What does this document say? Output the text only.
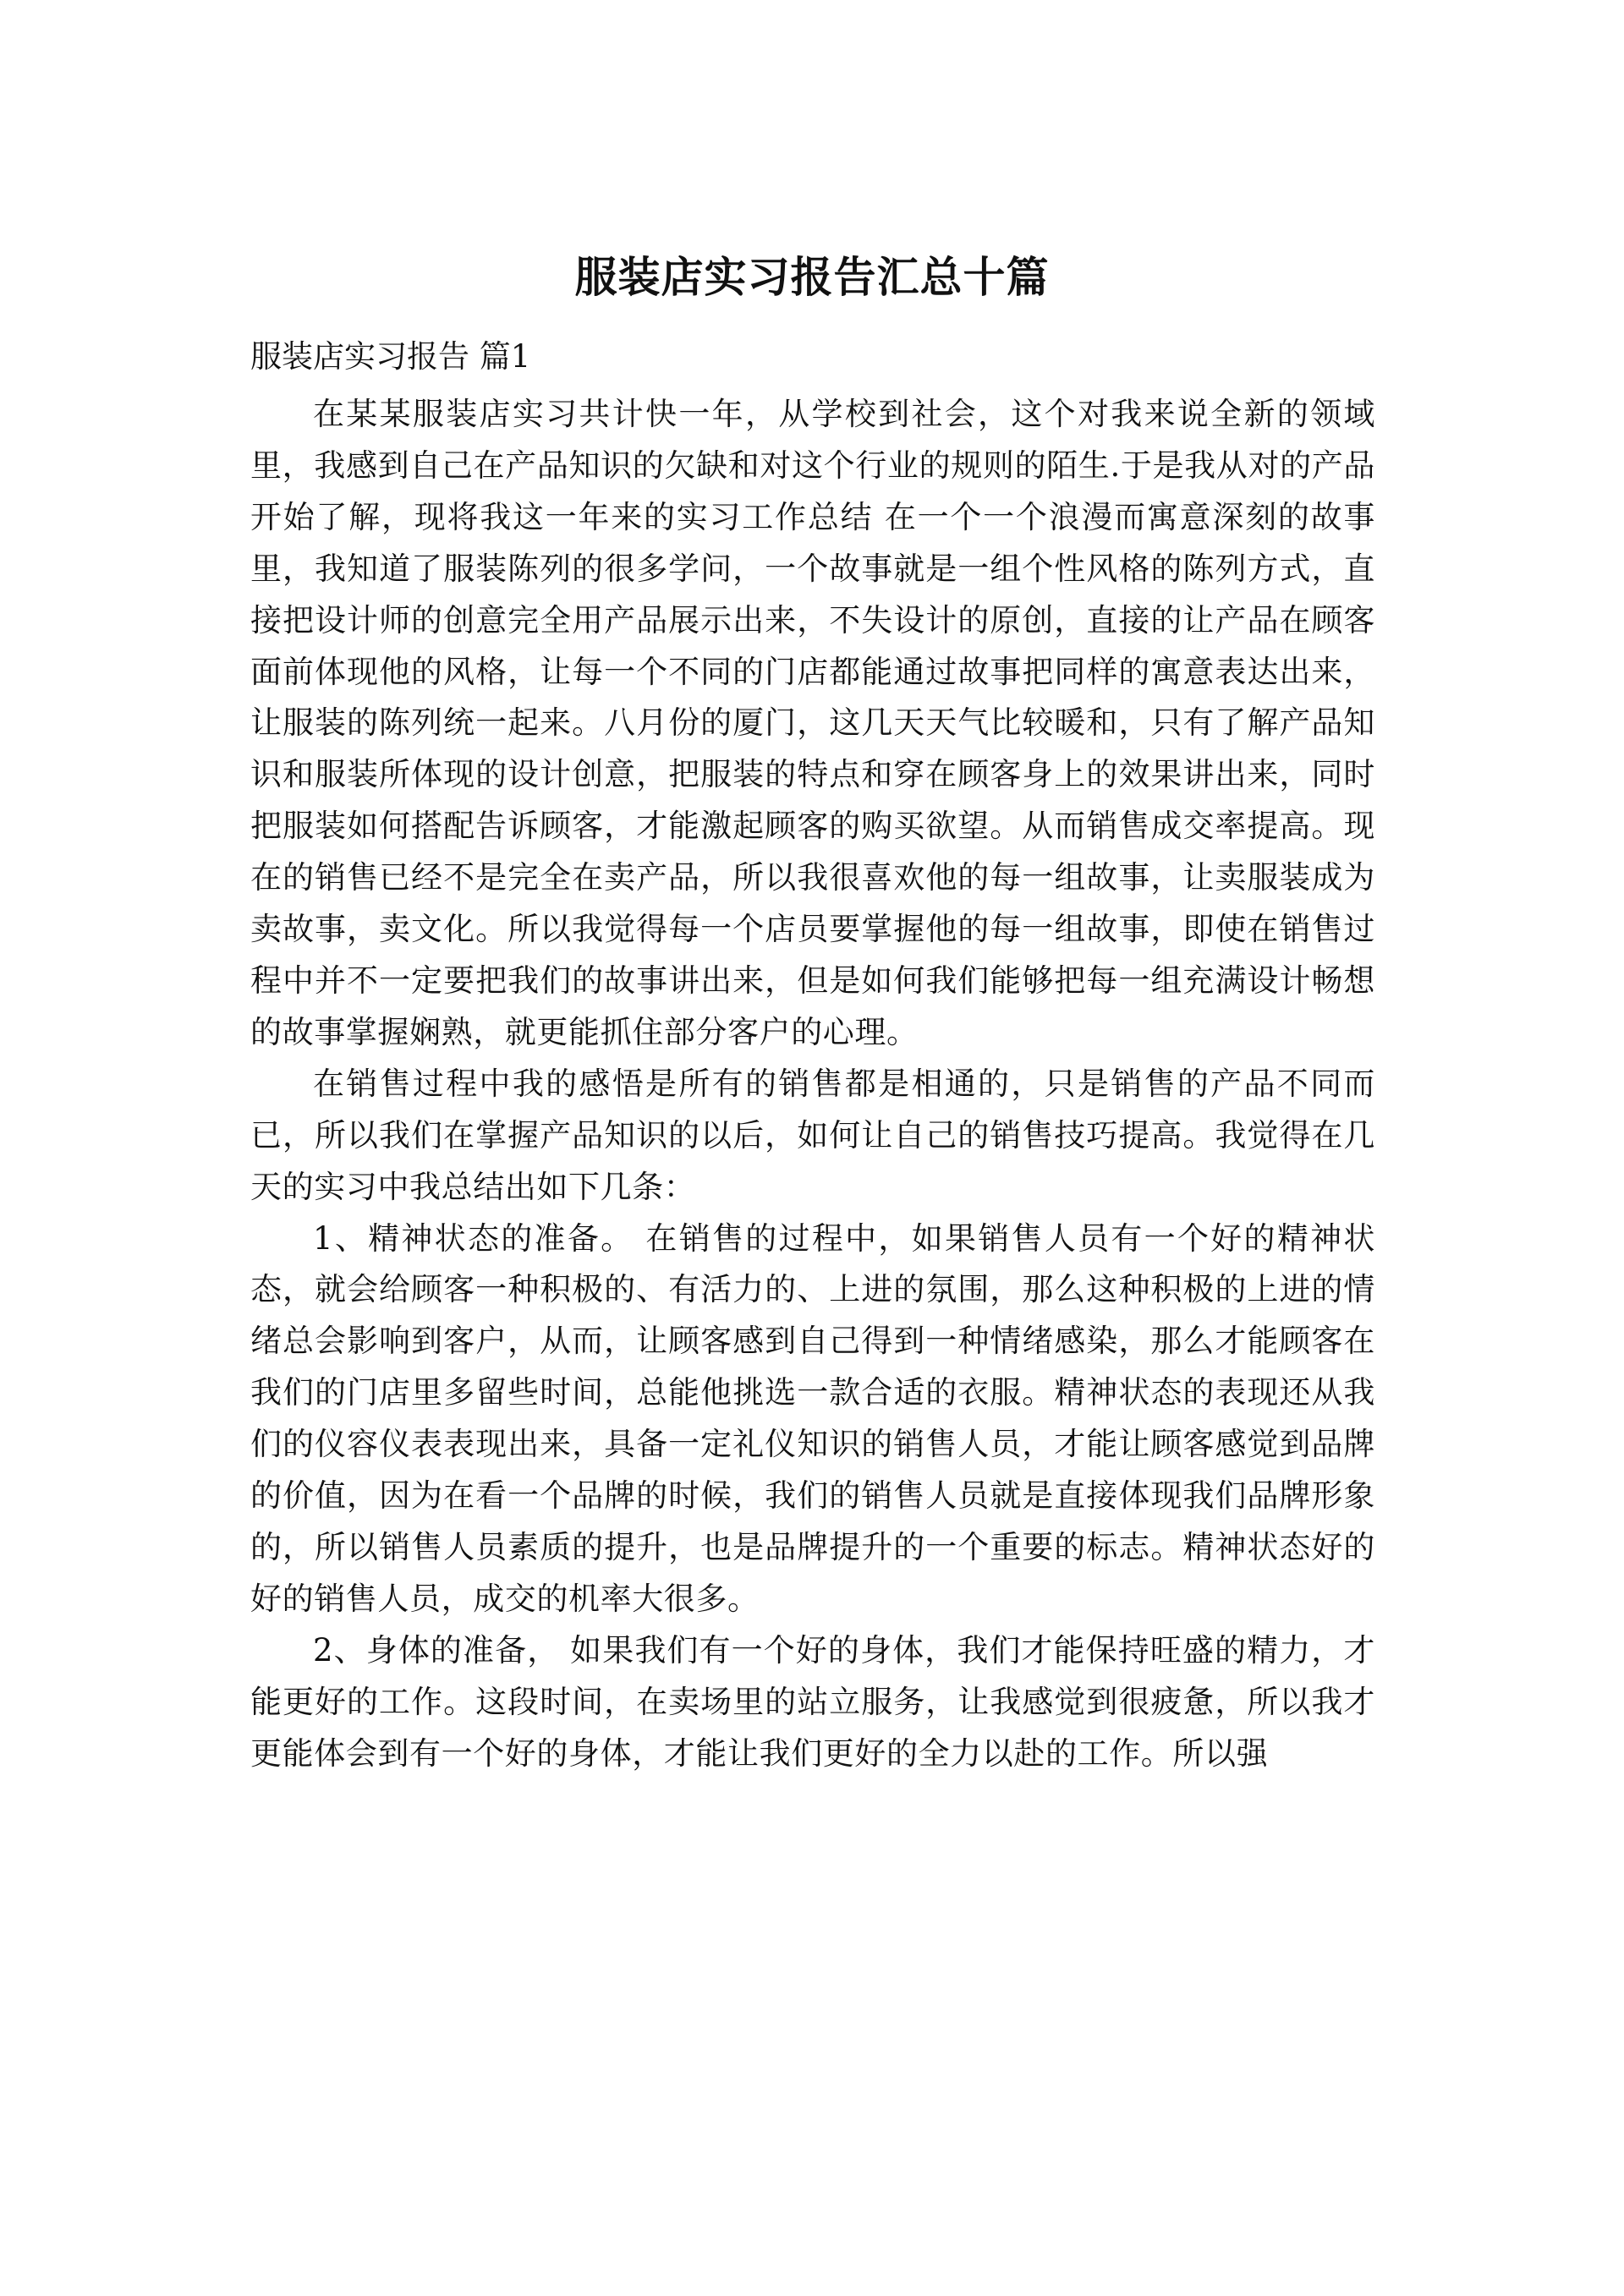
服装店实习报告汇总十篇

服装店实习报告 篇1

在某某服装店实习共计快一年，从学校到社会，这个对我来说全新的领域里，我感到自己在产品知识的欠缺和对这个行业的规则的陌生.于是我从对的产品开始了解，现将我这一年来的实习工作总结 在一个一个浪漫而寓意深刻的故事里，我知道了服装陈列的很多学问，一个故事就是一组个性风格的陈列方式，直接把设计师的创意完全用产品展示出来，不失设计的原创，直接的让产品在顾客面前体现他的风格，让每一个不同的门店都能通过故事把同样的寓意表达出来，让服装的陈列统一起来。八月份的厦门，这几天天气比较暖和，只有了解产品知识和服装所体现的设计创意，把服装的特点和穿在顾客身上的效果讲出来，同时把服装如何搭配告诉顾客，才能激起顾客的购买欲望。从而销售成交率提高。现在的销售已经不是完全在卖产品，所以我很喜欢他的每一组故事，让卖服装成为卖故事，卖文化。所以我觉得每一个店员要掌握他的每一组故事，即使在销售过程中并不一定要把我们的故事讲出来，但是如何我们能够把每一组充满设计畅想的故事掌握娴熟，就更能抓住部分客户的心理。

在销售过程中我的感悟是所有的销售都是相通的，只是销售的产品不同而已，所以我们在掌握产品知识的以后，如何让自己的销售技巧提高。我觉得在几天的实习中我总结出如下几条：

1、精神状态的准备。 在销售的过程中，如果销售人员有一个好的精神状态，就会给顾客一种积极的、有活力的、上进的氛围，那么这种积极的上进的情绪总会影响到客户，从而，让顾客感到自己得到一种情绪感染，那么才能顾客在我们的门店里多留些时间，总能他挑选一款合适的衣服。精神状态的表现还从我们的仪容仪表表现出来，具备一定礼仪知识的销售人员，才能让顾客感觉到品牌的价值，因为在看一个品牌的时候，我们的销售人员就是直接体现我们品牌形象的，所以销售人员素质的提升，也是品牌提升的一个重要的标志。精神状态好的好的销售人员，成交的机率大很多。

2、身体的准备， 如果我们有一个好的身体，我们才能保持旺盛的精力，才能更好的工作。这段时间，在卖场里的站立服务，让我感觉到很疲惫，所以我才更能体会到有一个好的身体，才能让我们更好的全力以赴的工作。所以强
